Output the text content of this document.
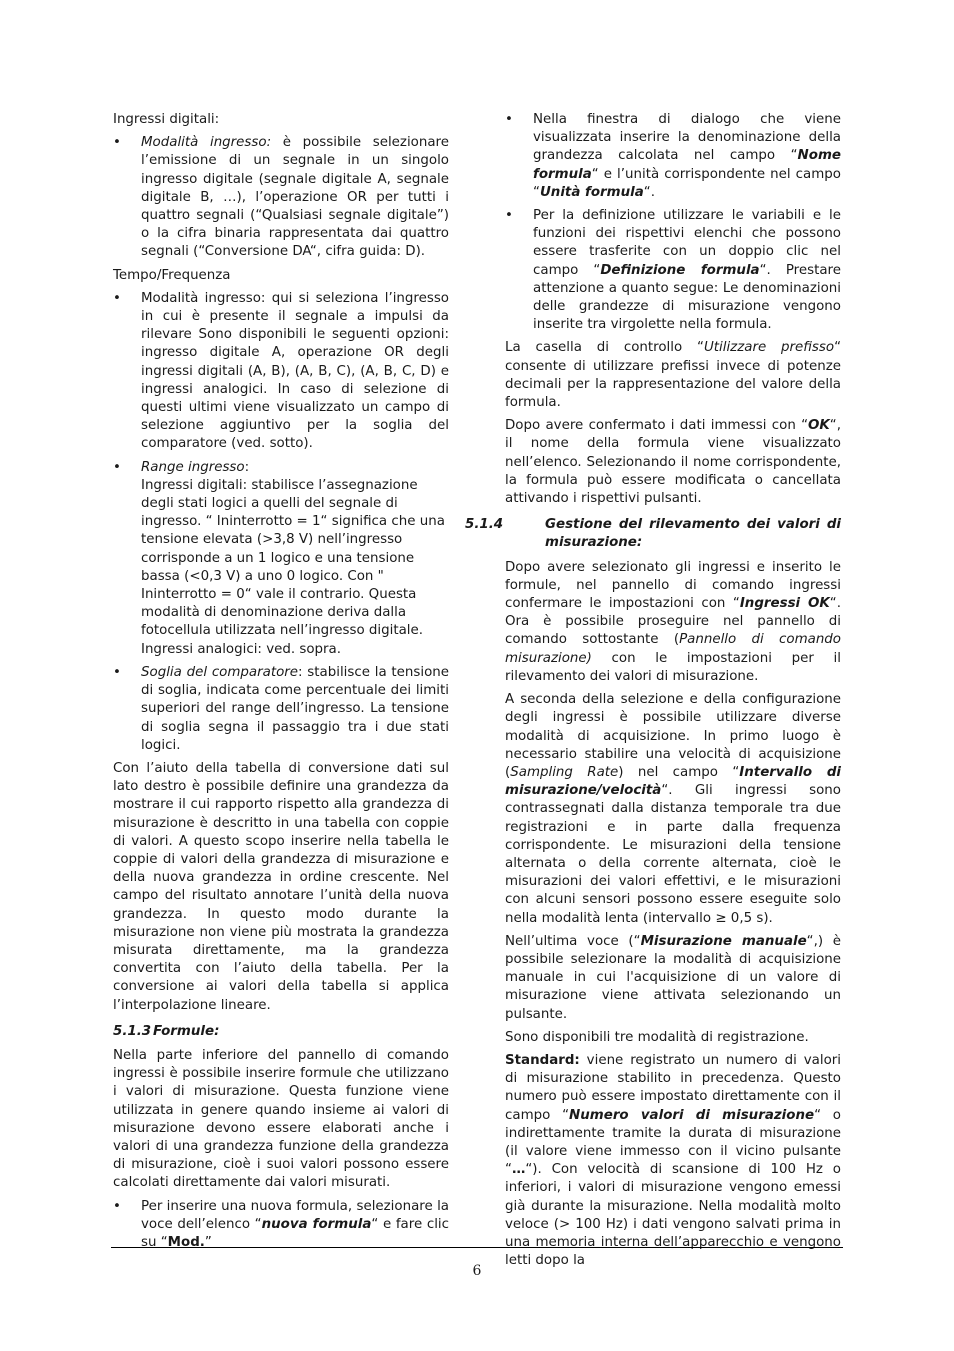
Ingressi digitali:

•	Modalità ingresso: è possibile selezionare l’emissione di un segnale in un singolo ingresso digitale (segnale digitale A, segnale digitale B, …), l’operazione OR per tutti i quattro segnali (“Qualsiasi segnale digitale”) o la cifra binaria rappresentata dai quattro segnali (“Conversione DA“, cifra guida: D).

Tempo/Frequenza

•	Modalità ingresso: qui si seleziona l’ingresso in cui è presente il segnale a impulsi da rilevare Sono disponibili le seguenti opzioni: ingresso digitale A, operazione OR degli ingressi digitali (A, B), (A, B, C), (A, B, C, D) e ingressi analogici. In caso di selezione di questi ultimi viene visualizzato un campo di selezione aggiuntivo per la soglia del comparatore (ved. sotto).
•	Range ingresso:
Ingressi digitali: stabilisce l’assegnazione degli stati logici a quelli del segnale di ingresso. “ Ininterrotto = 1“ significa che una tensione elevata (>3,8 V) nell’ingresso corrisponde a un 1 logico e una tensione bassa (<0,3 V) a uno 0 logico. Con " Ininterrotto = 0“ vale il contrario. Questa modalità di denominazione deriva dalla fotocellula utilizzata nell’ingresso digitale.
Ingressi analogici: ved. sopra.
•	Soglia del comparatore: stabilisce la tensione di soglia, indicata come percentuale dei limiti superiori del range dell’ingresso. La tensione di soglia segna il passaggio tra i due stati logici.

Con l’aiuto della tabella di conversione dati sul lato destro è possibile definire una grandezza da mostrare il cui rapporto rispetto alla grandezza di misurazione è descritto in una tabella con coppie di valori. A questo scopo inserire nella tabella le coppie di valori della grandezza di misurazione e della nuova grandezza in ordine crescente. Nel campo del risultato annotare l’unità della nuova grandezza. In questo modo durante la misurazione non viene più mostrata la grandezza misurata direttamente, ma la grandezza convertita con l’aiuto della tabella. Per la conversione ai valori della tabella si applica l’interpolazione lineare.

5.1.3 Formule:

Nella parte inferiore del pannello di comando ingressi è possibile inserire formule che utilizzano i valori di misurazione. Questa funzione viene utilizzata in genere quando insieme ai valori di misurazione devono essere elaborati anche i valori di una grandezza funzione della grandezza di misurazione, cioè i suoi valori possono essere calcolati direttamente dai valori misurati.

•	Per inserire una nuova formula, selezionare la voce dell’elenco “nuova formula“ e fare clic su “Mod.”
•	Nella finestra di dialogo che viene visualizzata inserire la denominazione della grandezza calcolata nel campo “Nome formula“ e l’unità corrispondente nel campo “Unità formula“.
•	Per la definizione utilizzare le variabili e le funzioni dei rispettivi elenchi che possono essere trasferite con un doppio clic nel campo “Definizione formula“. Prestare attenzione a quanto segue: Le denominazioni delle grandezze di misurazione vengono inserite tra virgolette nella formula.

La casella di controllo “Utilizzare prefisso“ consente di utilizzare prefissi invece di potenze decimali per la rappresentazione del valore della formula.

Dopo avere confermato i dati immessi con “OK“, il nome della formula viene visualizzato nell’elenco. Selezionando il nome corrispondente, la formula può essere modificata o cancellata attivando i rispettivi pulsanti.

5.1.4	Gestione del rilevamento dei valori di misurazione:

Dopo avere selezionato gli ingressi e inserito le formule, nel pannello di comando ingressi confermare le impostazioni con “Ingressi OK“. Ora è possibile proseguire nel pannello di comando sottostante (Pannello di comando misurazione) con le impostazioni per il rilevamento dei valori di misurazione.

A seconda della selezione e della configurazione degli ingressi è possibile utilizzare diverse modalità di acquisizione. In primo luogo è necessario stabilire una velocità di acquisizione (Sampling Rate) nel campo “Intervallo di misurazione/velocità“. Gli ingressi sono contrassegnati dalla distanza temporale tra due registrazioni e in parte dalla frequenza corrispondente. Le misurazioni della tensione alternata o della corrente alternata, cioè le misurazioni dei valori effettivi, e le misurazioni con alcuni sensori possono essere eseguite solo nella modalità lenta (intervallo ≥ 0,5 s).

Nell’ultima voce (“Misurazione manuale“,) è possibile selezionare la modalità di acquisizione manuale in cui l'acquisizione di un valore di misurazione viene attivata selezionando un pulsante.

Sono disponibili tre modalità di registrazione.

Standard: viene registrato un numero di valori di misurazione stabilito in precedenza. Questo numero può essere impostato direttamente con il campo “Numero valori di misurazione“ o indirettamente tramite la durata di misurazione (il valore viene immesso con il vicino pulsante “…“). Con velocità di scansione di 100 Hz o inferiori, i valori di misurazione vengono emessi già durante la misurazione. Nella modalità molto veloce (> 100 Hz) i dati vengono salvati prima in una memoria interna dell’apparecchio e vengono letti dopo la

6
